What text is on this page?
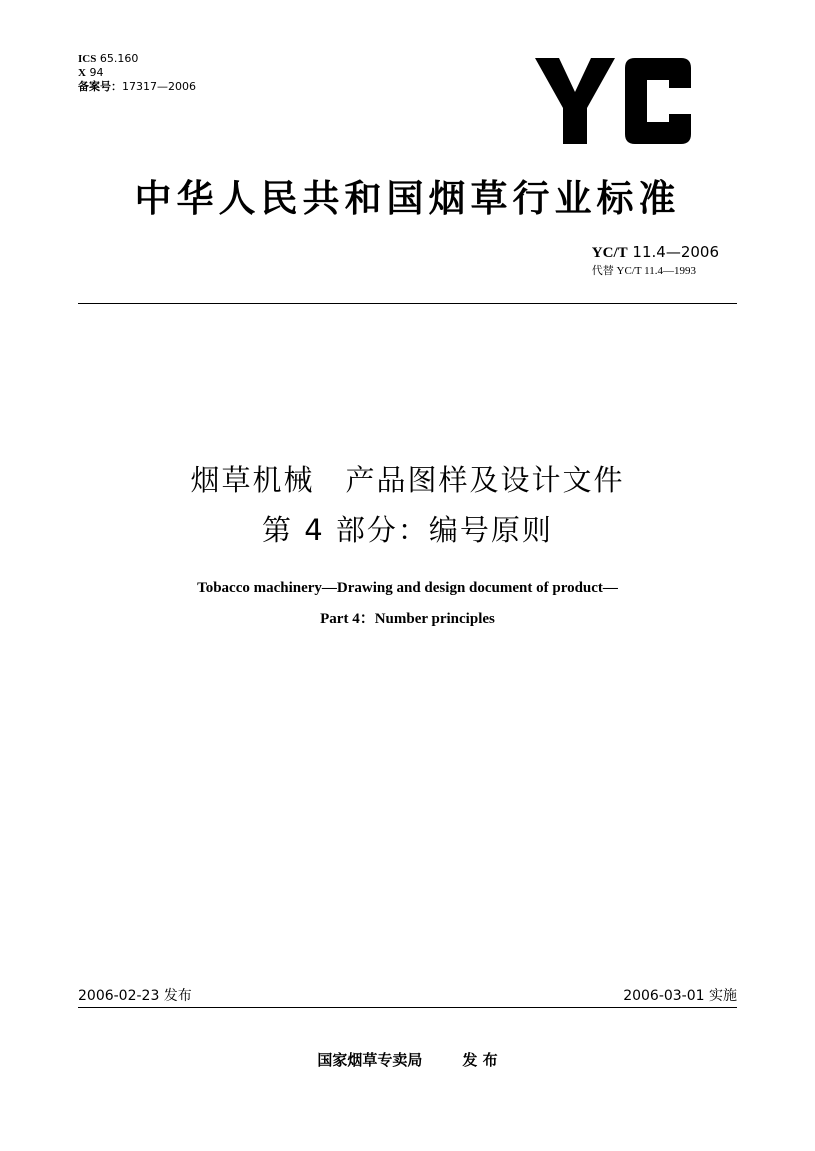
ICS 65.160
X 94
备案号：17317—2006
中华人民共和国烟草行业标准
YC/T 11.4—2006
代替 YC/T 11.4—1993
烟草机械　产品图样及设计文件
第 4 部分：编号原则
Tobacco machinery—Drawing and design document of product—
Part 4：Number principles
2006-02-23 发布	2006-03-01 实施
国家烟草专卖局	发 布
